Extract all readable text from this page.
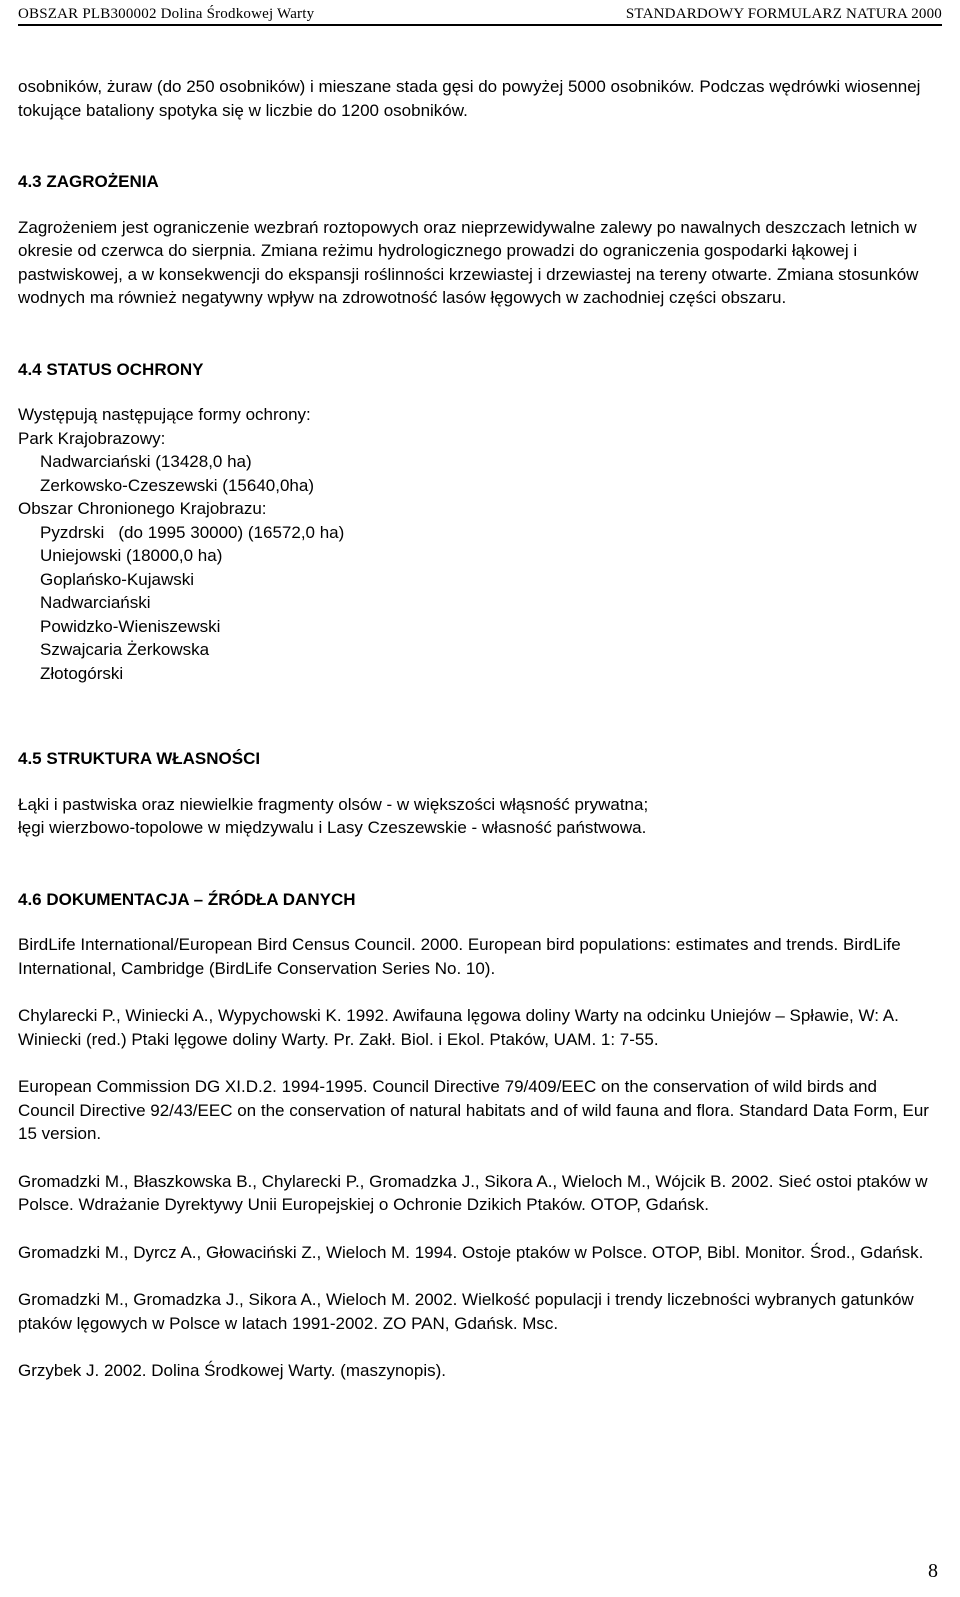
OBSZAR PLB300002 Dolina Środkowej Warty	STANDARDOWY FORMULARZ NATURA 2000

osobników, żuraw (do 250 osobników) i mieszane stada gęsi do powyżej 5000 osobników. Podczas wędrówki wiosennej tokujące bataliony spotyka się w liczbie do 1200 osobników.

4.3 ZAGROŻENIA

Zagrożeniem jest ograniczenie wezbrań roztopowych oraz nieprzewidywalne zalewy po nawalnych deszczach letnich w okresie od czerwca do sierpnia. Zmiana reżimu hydrologicznego prowadzi do ograniczenia gospodarki łąkowej i pastwiskowej, a w konsekwencji do ekspansji roślinności krzewiastej i drzewiastej na tereny otwarte. Zmiana stosunków wodnych ma również negatywny wpływ na zdrowotność lasów łęgowych w zachodniej części obszaru.

4.4 STATUS OCHRONY

Występują następujące formy ochrony:

Park Krajobrazowy:

Nadwarciański (13428,0 ha)

Zerkowsko-Czeszewski (15640,0ha)

Obszar Chronionego Krajobrazu:

Pyzdrski   (do 1995 30000) (16572,0 ha)

Uniejowski (18000,0 ha)

Goplańsko-Kujawski

Nadwarciański

Powidzko-Wieniszewski

Szwajcaria Żerkowska

Złotogórski

4.5 STRUKTURA WŁASNOŚCI

Łąki i pastwiska oraz niewielkie fragmenty olsów - w większości włąsność prywatna;

łęgi wierzbowo-topolowe w międzywalu i Lasy Czeszewskie - własność państwowa.

4.6 DOKUMENTACJA – ŹRÓDŁA DANYCH

BirdLife International/European Bird Census Council. 2000. European bird populations: estimates and trends. BirdLife International, Cambridge (BirdLife Conservation Series No. 10).

Chylarecki P., Winiecki A., Wypychowski K. 1992. Awifauna lęgowa doliny Warty na odcinku Uniejów – Spławie, W: A. Winiecki (red.) Ptaki lęgowe doliny Warty. Pr. Zakł. Biol. i Ekol. Ptaków, UAM. 1: 7-55.

European Commission DG XI.D.2. 1994-1995. Council Directive 79/409/EEC on the conservation of wild birds and Council Directive 92/43/EEC on the conservation of natural habitats and of wild fauna and flora. Standard Data Form, Eur 15 version.

Gromadzki M., Błaszkowska B., Chylarecki P., Gromadzka J., Sikora A., Wieloch M., Wójcik B. 2002. Sieć ostoi ptaków w Polsce. Wdrażanie Dyrektywy Unii Europejskiej o Ochronie Dzikich Ptaków. OTOP, Gdańsk.

Gromadzki M., Dyrcz A., Głowaciński Z., Wieloch M. 1994. Ostoje ptaków w Polsce. OTOP, Bibl. Monitor. Środ., Gdańsk.

Gromadzki M., Gromadzka J., Sikora A., Wieloch M. 2002. Wielkość populacji i trendy liczebności wybranych gatunków ptaków lęgowych w Polsce w latach 1991-2002. ZO PAN, Gdańsk. Msc.

Grzybek J. 2002. Dolina Środkowej Warty. (maszynopis).

8
